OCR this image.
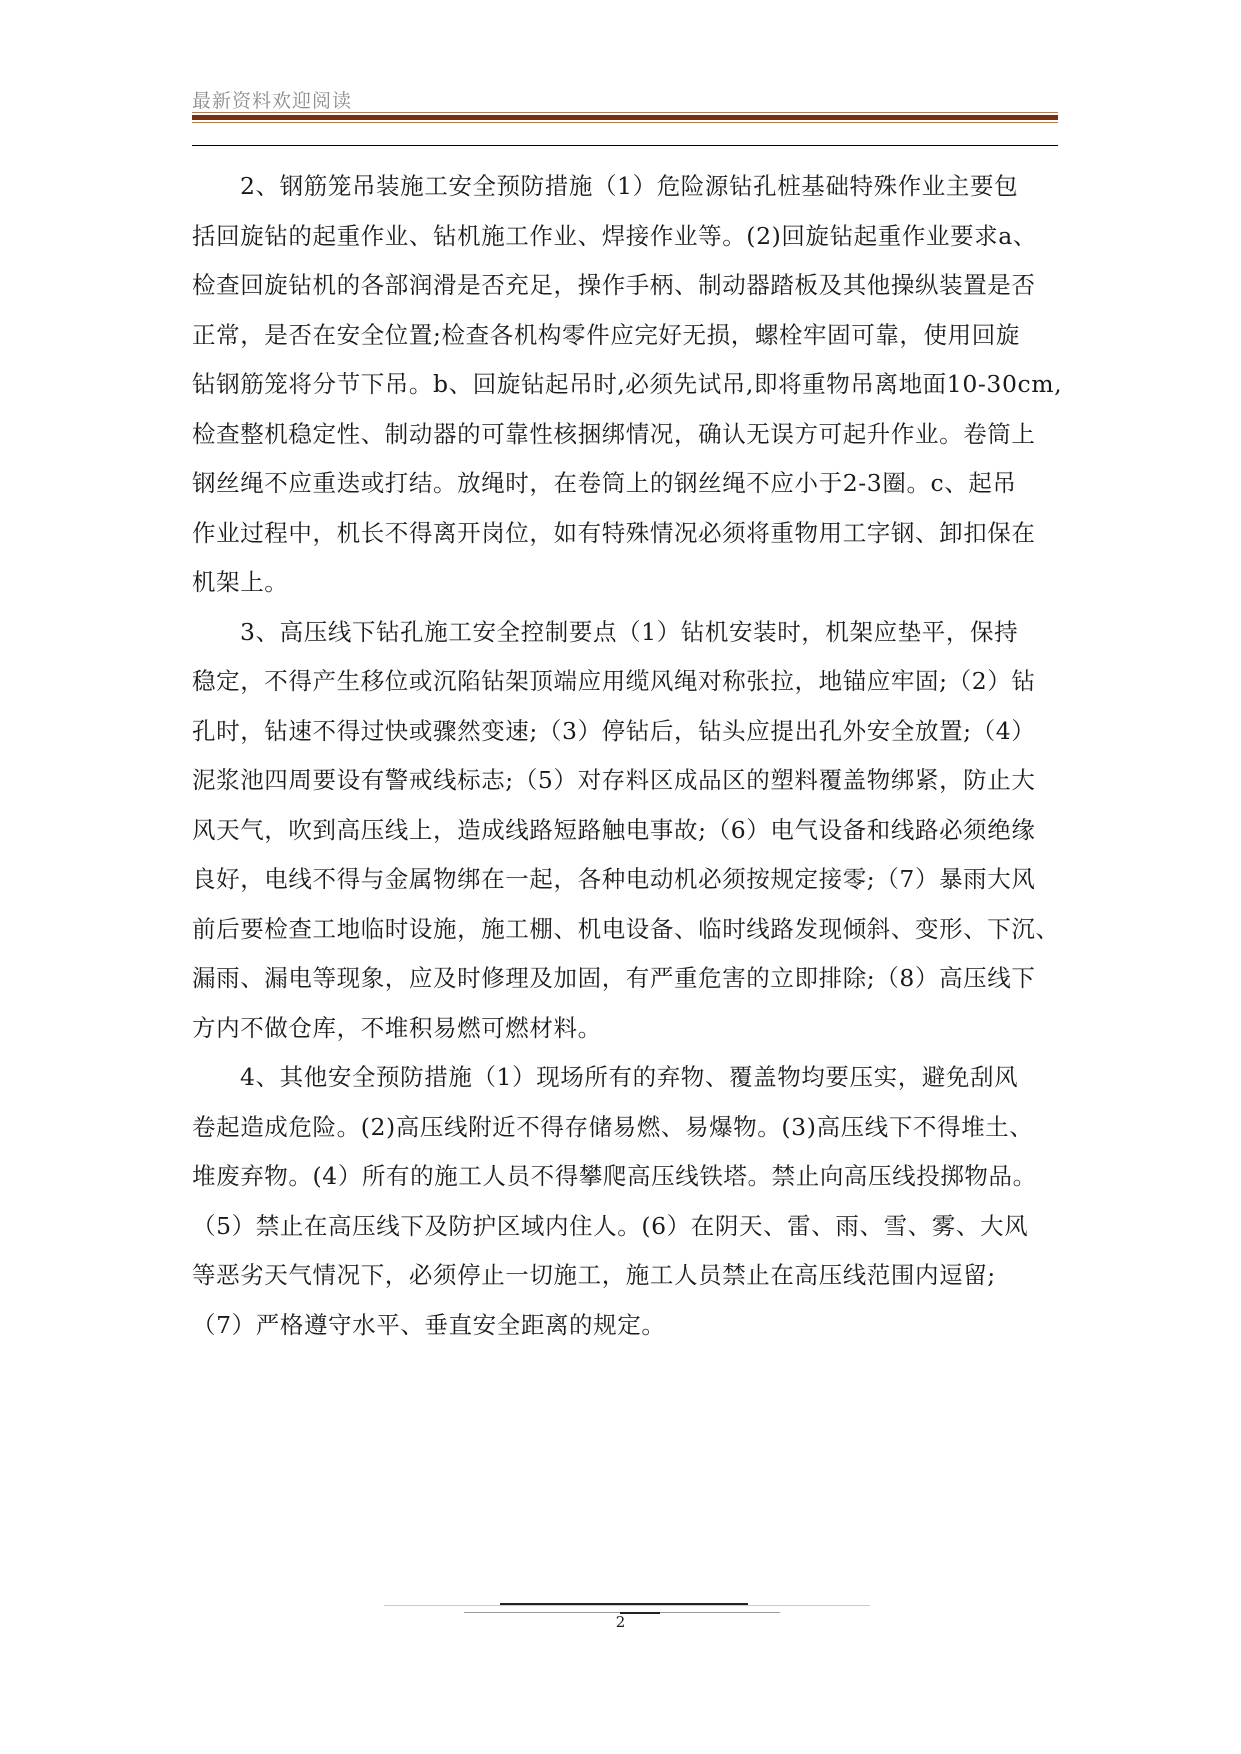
最新资料欢迎阅读
2、钢筋笼吊装施工安全预防措施（1）危险源钻孔桩基础特殊作业主要包
括回旋钻的起重作业、钻机施工作业、焊接作业等。(2)回旋钻起重作业要求a、
检查回旋钻机的各部润滑是否充足，操作手柄、制动器踏板及其他操纵装置是否
正常，是否在安全位置;检查各机构零件应完好无损，螺栓牢固可靠，使用回旋
钻钢筋笼将分节下吊。b、回旋钻起吊时,必须先试吊,即将重物吊离地面10-30cm,
检查整机稳定性、制动器的可靠性核捆绑情况，确认无误方可起升作业。卷筒上
钢丝绳不应重迭或打结。放绳时，在卷筒上的钢丝绳不应小于2-3圈。c、起吊
作业过程中，机长不得离开岗位，如有特殊情况必须将重物用工字钢、卸扣保在
机架上。
3、高压线下钻孔施工安全控制要点（1）钻机安装时，机架应垫平，保持
稳定，不得产生移位或沉陷钻架顶端应用缆风绳对称张拉，地锚应牢固;（2）钻
孔时，钻速不得过快或骤然变速;（3）停钻后，钻头应提出孔外安全放置;（4）
泥浆池四周要设有警戒线标志;（5）对存料区成品区的塑料覆盖物绑紧，防止大
风天气，吹到高压线上，造成线路短路触电事故;（6）电气设备和线路必须绝缘
良好，电线不得与金属物绑在一起，各种电动机必须按规定接零;（7）暴雨大风
前后要检查工地临时设施，施工棚、机电设备、临时线路发现倾斜、变形、下沉、
漏雨、漏电等现象，应及时修理及加固，有严重危害的立即排除;（8）高压线下
方内不做仓库，不堆积易燃可燃材料。
4、其他安全预防措施（1）现场所有的弃物、覆盖物均要压实，避免刮风
卷起造成危险。(2)高压线附近不得存储易燃、易爆物。(3)高压线下不得堆土、
堆废弃物。(4）所有的施工人员不得攀爬高压线铁塔。禁止向高压线投掷物品。
（5）禁止在高压线下及防护区域内住人。(6）在阴天、雷、雨、雪、雾、大风
等恶劣天气情况下，必须停止一切施工，施工人员禁止在高压线范围内逗留;
（7）严格遵守水平、垂直安全距离的规定。
2
